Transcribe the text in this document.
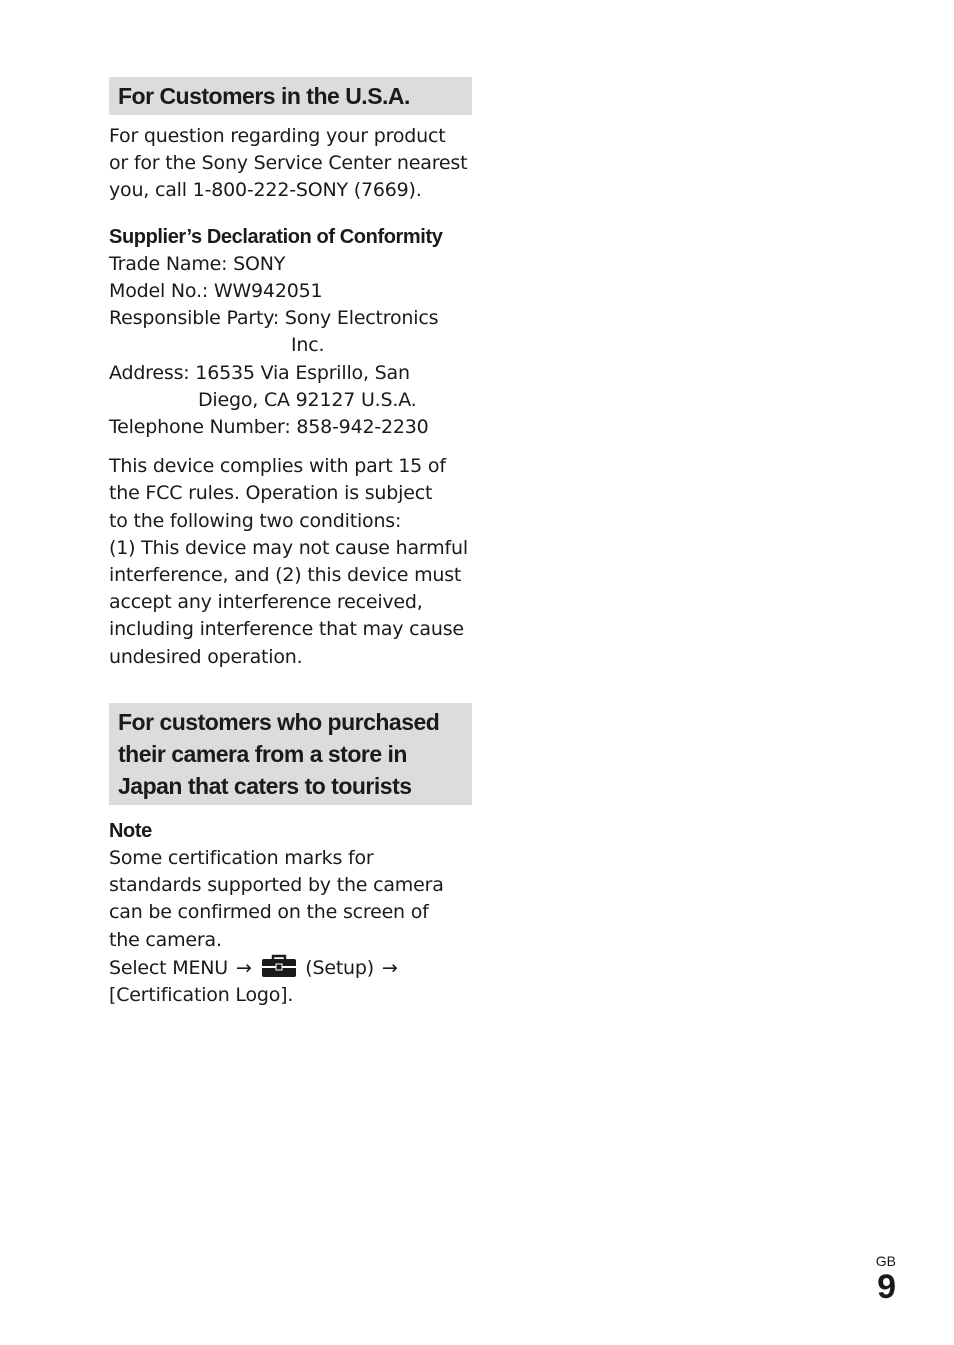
For Customers in the U.S.A.
For question regarding your product
or for the Sony Service Center nearest
you, call 1-800-222-SONY (7669).
Supplier’s Declaration of Conformity
Trade Name: SONY
Model No.: WW942051
Responsible Party: Sony Electronics
Inc.
Address: 16535 Via Esprillo, San
Diego, CA 92127 U.S.A.
Telephone Number: 858-942-2230
This device complies with part 15 of
the FCC rules. Operation is subject
to the following two conditions:
(1) This device may not cause harmful
interference, and (2) this device must
accept any interference received,
including interference that may cause
undesired operation.
For customers who purchased
their camera from a store in
Japan that caters to tourists
Note
Some certification marks for
standards supported by the camera
can be confirmed on the screen of
the camera.
Select MENU →	(Setup) →
[Certification Logo].
GB
9
